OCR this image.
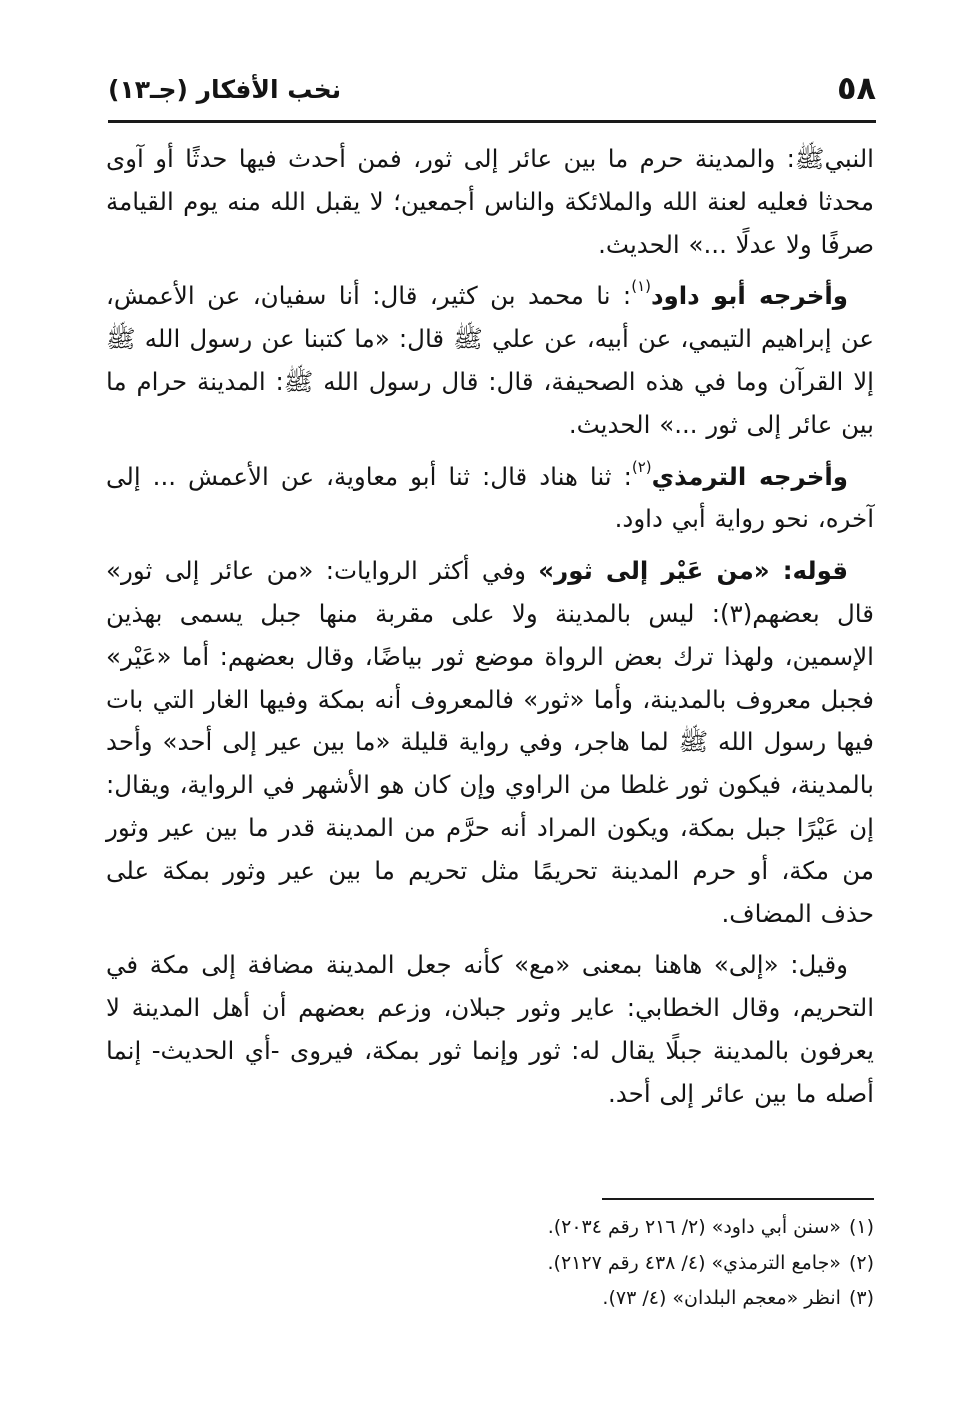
٥٨
نخب الأفكار (جـ١٣)

النبيﷺ: والمدينة حرم ما بين عائر إلى ثور، فمن أحدث فيها حدثًا أو آوى محدثا فعليه لعنة الله والملائكة والناس أجمعين؛ لا يقبل الله منه يوم القيامة صرفًا ولا عدلًا ...» الحديث.

وأخرجه أبو داود$^{(١)}$: نا محمد بن كثير، قال: أنا سفيان، عن الأعمش، عن إبراهيم التيمي، عن أبيه، عن علي ﷺ قال: «ما كتبنا عن رسول الله ﷺ إلا القرآن وما في هذه الصحيفة، قال: قال رسول الله ﷺ: المدينة حرام ما بين عائر إلى ثور ...» الحديث.

وأخرجه الترمذي$^{(٢)}$: ثنا هناد قال: ثنا أبو معاوية، عن الأعمش ... إلى آخره، نحو رواية أبي داود.

قوله: «من عَيْر إلى ثور» وفي أكثر الروايات: «من عائر إلى ثور» قال بعضهم(٣): ليس بالمدينة ولا على مقربة منها جبل يسمى بهذين الإسمين، ولهذا ترك بعض الرواة موضع ثور بياضًا، وقال بعضهم: أما «عَيْر» فجبل معروف بالمدينة، وأما «ثور» فالمعروف أنه بمكة وفيها الغار التي بات فيها رسول الله ﷺ لما هاجر، وفي رواية قليلة «ما بين عير إلى أحد» وأحد بالمدينة، فيكون ثور غلطا من الراوي وإن كان هو الأشهر في الرواية، ويقال: إن عَيْرًا جبل بمكة، ويكون المراد أنه حرَّم من المدينة قدر ما بين عير وثور من مكة، أو حرم المدينة تحريمًا مثل تحريم ما بين عير وثور بمكة على حذف المضاف.

وقيل: «إلى» هاهنا بمعنى «مع» كأنه جعل المدينة مضافة إلى مكة في التحريم، وقال الخطابي: عاير وثور جبلان، وزعم بعضهم أن أهل المدينة لا يعرفون بالمدينة جبلًا يقال له: ثور وإنما ثور بمكة، فيروى -أي الحديث- إنما أصله ما بين عائر إلى أحد.

(١)«سنن أبي داود» (٢/ ٢١٦ رقم ٢٠٣٤).

(٢)«جامع الترمذي» (٤/ ٤٣٨ رقم ٢١٢٧).

(٣)انظر «معجم البلدان» (٤/ ٧٣).
